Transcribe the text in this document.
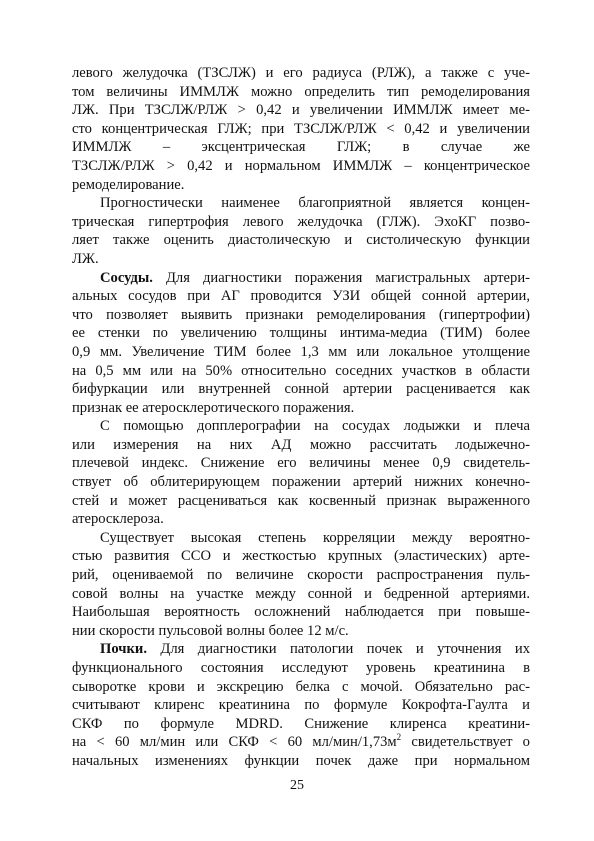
левого желудочка (ТЗСЛЖ) и его радиуса (РЛЖ), а также с уче-
том величины ИММЛЖ можно определить тип ремоделирования
ЛЖ. При ТЗСЛЖ/РЛЖ > 0,42 и увеличении ИММЛЖ имеет ме-
сто концентрическая ГЛЖ; при ТЗСЛЖ/РЛЖ < 0,42 и увеличении
ИММЛЖ – эксцентрическая ГЛЖ; в случае же
ТЗСЛЖ/РЛЖ > 0,42 и нормальном ИММЛЖ – концентрическое
ремоделирование.
Прогностически наименее благоприятной является концен-
трическая гипертрофия левого желудочка (ГЛЖ). ЭхоКГ позво-
ляет также оценить диастолическую и систолическую функции
ЛЖ.
Сосуды. Для диагностики поражения магистральных артери-
альных сосудов при АГ проводится УЗИ общей сонной артерии,
что позволяет выявить признаки ремоделирования (гипертрофии)
ее стенки по увеличению толщины интима-медиа (ТИМ) более
0,9 мм. Увеличение ТИМ более 1,3 мм или локальное утолщение
на 0,5 мм или на 50% относительно соседних участков в области
бифуркации или внутренней сонной артерии расценивается как
признак ее атеросклеротического поражения.
С помощью допплерографии на сосудах лодыжки и плеча
или измерения на них АД можно рассчитать лодыжечно-
плечевой индекс. Снижение его величины менее 0,9 свидетель-
ствует об облитерирующем поражении артерий нижних конечно-
стей и может расцениваться как косвенный признак выраженного
атеросклероза.
Существует высокая степень корреляции между вероятно-
стью развития ССО и жесткостью крупных (эластических) арте-
рий, оцениваемой по величине скорости распространения пуль-
совой волны на участке между сонной и бедренной артериями.
Наибольшая вероятность осложнений наблюдается при повыше-
нии скорости пульсовой волны более 12 м/с.
Почки. Для диагностики патологии почек и уточнения их
функционального состояния исследуют уровень креатинина в
сыворотке крови и экскрецию белка с мочой. Обязательно рас-
считывают клиренс креатинина по формуле Кокрофта-Гаулта и
СКФ по формуле MDRD. Снижение клиренса креатини-
на < 60 мл/мин или СКФ < 60 $мл/мин/1,73м^2$ свидетельствует о
начальных изменениях функции почек даже при нормальном
25
